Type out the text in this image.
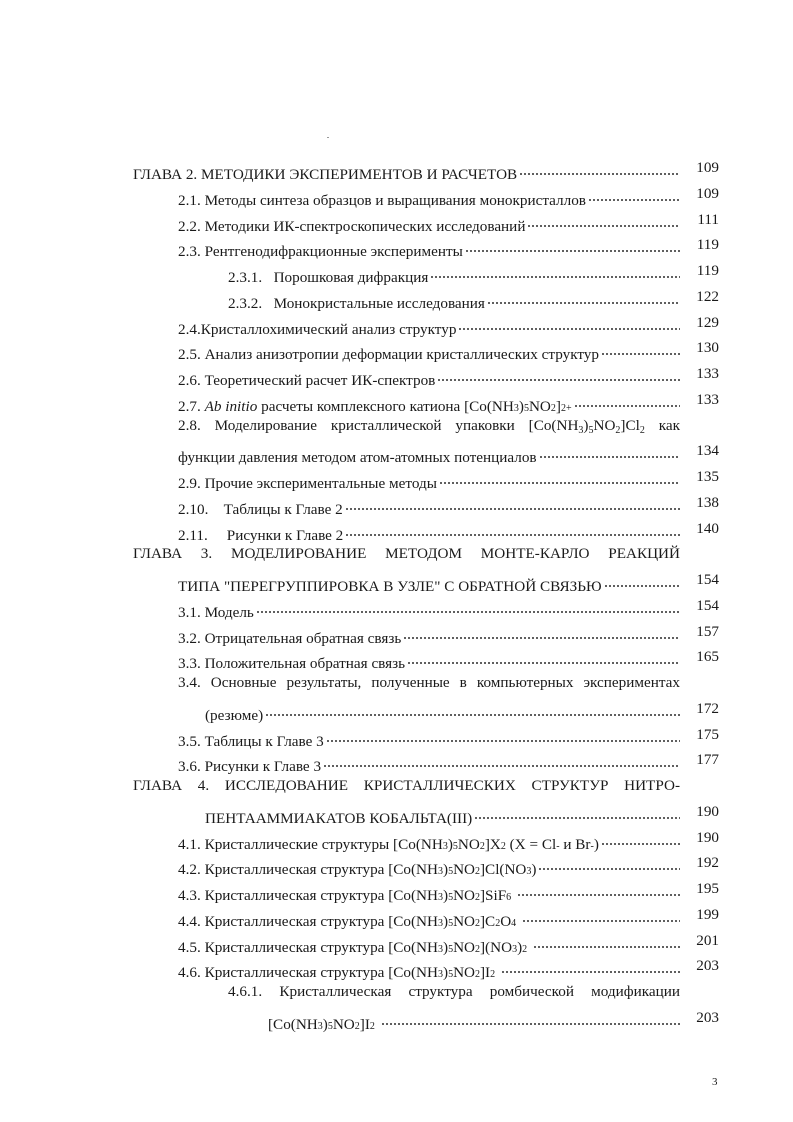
109
ГЛАВА 2. МЕТОДИКИ ЭКСПЕРИМЕНТОВ И РАСЧЕТОВ
109
2.1. Методы синтеза образцов и выращивания монокристаллов
111
2.2. Методики ИК-спектроскопических исследований
119
2.3. Рентгенодифракционные эксперименты
119
2.3.1.   Порошковая дифракция
122
2.3.2.   Монокристальные исследования
129
2.4.Кристаллохимический анализ структур
130
2.5. Анализ анизотропии деформации кристаллических структур
133
2.6. Теоретический расчет ИК-спектров
133
2.7. Ab initio расчеты комплексного катиона [Co(NH 3 ) 5 NO 2 ] 2+
2.8. Моделирование кристаллической упаковки $[Co(NH_3)_5NO_2]Cl_2$ как
134
функции давления методом атом-атомных потенциалов
135
2.9. Прочие экспериментальные методы
138
2.10.    Таблицы к Главе 2
140
2.11.     Рисунки к Главе 2
ГЛАВА 3. МОДЕЛИРОВАНИЕ МЕТОДОМ МОНТЕ-КАРЛО РЕАКЦИЙ
154
ТИПА "ПЕРЕГРУППИРОВКА В УЗЛЕ" С ОБРАТНОЙ СВЯЗЬЮ
154
3.1. Модель
157
3.2. Отрицательная обратная связь
165
3.3. Положительная обратная связь
3.4. Основные результаты, полученные в компьютерных экспериментах
172
(резюме)
175
3.5. Таблицы к Главе 3
177
3.6. Рисунки к Главе 3
ГЛАВА 4. ИССЛЕДОВАНИЕ КРИСТАЛЛИЧЕСКИХ СТРУКТУР НИТРО-
190
ПЕНТААММИАКАТОВ КОБАЛЬТА(III)
190
4.1. Кристаллические структуры [Co(NH 3 ) 5 NO 2 ]X 2 (X = Cl - и Br - )
192
4.2. Кристаллическая структура [Co(NH 3 ) 5 NO 2 ]Cl(NO 3 )
195
4.3. Кристаллическая структура [Co(NH 3 ) 5 NO 2 ]SiF 6

199
4.4. Кристаллическая структура [Co(NH 3 ) 5 NO 2 ]C 2 O 4

201
4.5. Кристаллическая структура [Co(NH 3 ) 5 NO 2 ](NO 3 ) 2

203
4.6. Кристаллическая структура [Co(NH 3 ) 5 NO 2 ]I 2

4.6.1. Кристаллическая структура ромбической модификации
203
[Co(NH 3 ) 5 NO 2 ]I 2

3
